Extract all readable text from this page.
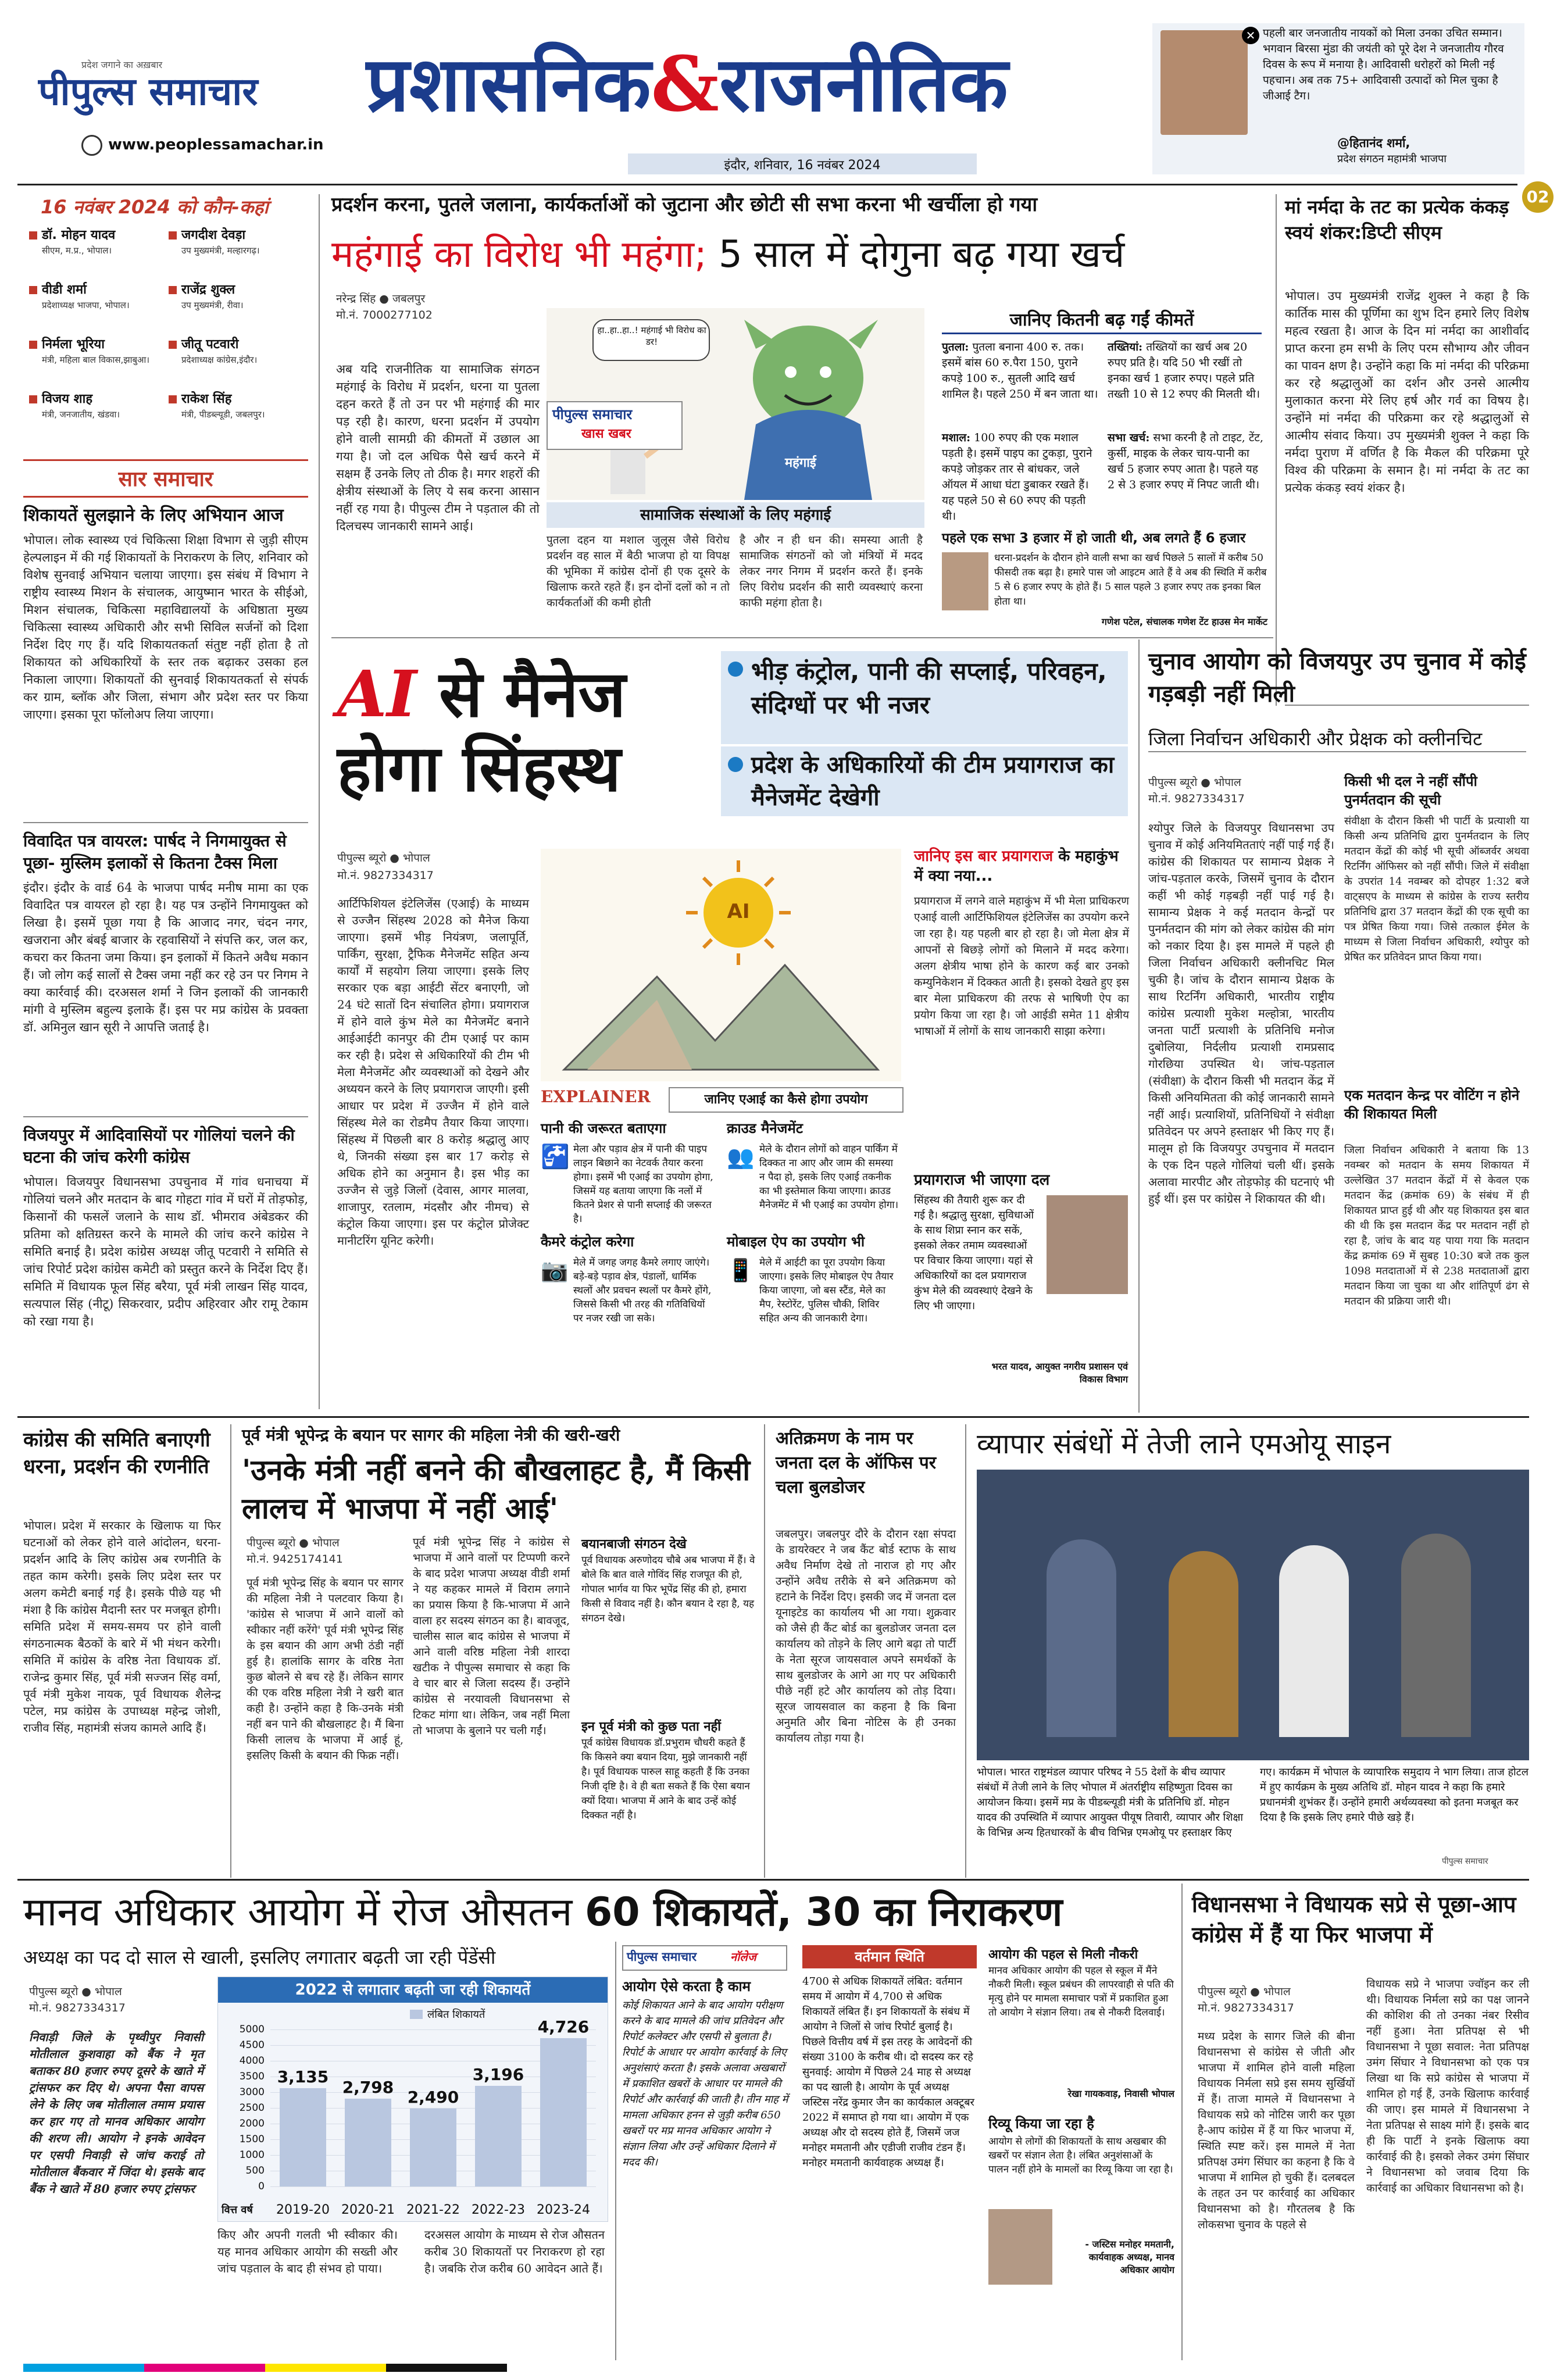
प्रदेश जगाने का अख़बार
पीपुल्स समाचार
www.peoplessamachar.in
प्रशासनिक&राजनीतिक
इंदौर, शनिवार, 16 नवंबर 2024
✕ पहली बार जनजातीय नायकों को मिला उनका उचित सम्मान। भगवान बिरसा मुंडा की जयंती को पूरे देश ने जनजातीय गौरव दिवस के रूप में मनाया है। आदिवासी धरोहरों को मिली नई पहचान। अब तक 75+ आदिवासी उत्पादों को मिल चुका है जीआई टैग।
@हितानंद शर्मा,
प्रदेश संगठन महामंत्री भाजपा
02
16 नवंबर 2024 को कौन-कहां
डॉ. मोहन यादव
सीएम, म.प्र., भोपाल।
जगदीश देवड़ा
उप मुख्यमंत्री, मल्हारगढ़।
वीडी शर्मा
प्रदेशाध्यक्ष भाजपा, भोपाल।
राजेंद्र शुक्ल
उप मुख्यमंत्री, रीवा।
निर्मला भूरिया
मंत्री, महिला बाल विकास,झाबुआ।
जीतू पटवारी
प्रदेशाध्यक्ष कांग्रेस,इंदौर।
विजय शाह
मंत्री, जनजातीय, खंडवा।
राकेश सिंह
मंत्री, पीडब्ल्यूडी, जबलपुर।
सार समाचार
शिकायतें सुलझाने के लिए अभियान आज
भोपाल। लोक स्वास्थ्य एवं चिकित्सा शिक्षा विभाग से जुड़ी सीएम हेल्पलाइन में की गई शिकायतों के निराकरण के लिए, शनिवार को विशेष सुनवाई अभियान चलाया जाएगा। इस संबंध में विभाग ने राष्ट्रीय स्वास्थ्य मिशन के संचालक, आयुष्मान भारत के सीईओ, मिशन संचालक, चिकित्सा महाविद्यालयों के अधिष्ठाता मुख्य चिकित्सा स्वास्थ्य अधिकारी और सभी सिविल सर्जनों को दिशा निर्देश दिए गए हैं। यदि शिकायतकर्ता संतुष्ट नहीं होता है तो शिकायत को अधिकारियों के स्तर तक बढ़ाकर उसका हल निकाला जाएगा। शिकायतों की सुनवाई शिकायतकर्ता से संपर्क कर ग्राम, ब्लॉक और जिला, संभाग और प्रदेश स्तर पर किया जाएगा। इसका पूरा फॉलोअप लिया जाएगा।
विवादित पत्र वायरल: पार्षद ने निगमायुक्त से पूछा- मुस्लिम इलाकों से कितना टैक्स मिला
इंदौर। इंदौर के वार्ड 64 के भाजपा पार्षद मनीष मामा का एक विवादित पत्र वायरल हो रहा है। यह पत्र उन्होंने निगमायुक्त को लिखा है। इसमें पूछा गया है कि आजाद नगर, चंदन नगर, खजराना और बंबई बाजार के रहवासियों ने संपत्ति कर, जल कर, कचरा कर कितना जमा किया। इन इलाकों में कितने अवैध मकान हैं। जो लोग कई सालों से टैक्स जमा नहीं कर रहे उन पर निगम ने क्या कार्रवाई की। दरअसल शर्मा ने जिन इलाकों की जानकारी मांगी वे मुस्लिम बहुल्य इलाके हैं। इस पर मप्र कांग्रेस के प्रवक्ता डॉ. अमिनुल खान सूरी ने आपत्ति जताई है।
विजयपुर में आदिवासियों पर गोलियां चलने की घटना की जांच करेगी कांग्रेस
भोपाल। विजयपुर विधानसभा उपचुनाव में गांव धनाचया में गोलियां चलने और मतदान के बाद गोहटा गांव में घरों में तोड़फोड़, किसानों की फसलें जलाने के साथ डॉ. भीमराव अंबेडकर की प्रतिमा को क्षतिग्रस्त करने के मामले की जांच करने कांग्रेस ने समिति बनाई है। प्रदेश कांग्रेस अध्यक्ष जीतू पटवारी ने समिति से जांच रिपोर्ट प्रदेश कांग्रेस कमेटी को प्रस्तुत करने के निर्देश दिए हैं। समिति में विधायक फूल सिंह बरैया, पूर्व मंत्री लाखन सिंह यादव, सत्यपाल सिंह (नीटू) सिकरवार, प्रदीप अहिरवार और रामू टेकाम को रखा गया है।
प्रदर्शन करना, पुतले जलाना, कार्यकर्ताओं को जुटाना और छोटी सी सभा करना भी खर्चीला हो गया
महंगाई का विरोध भी महंगा; 5 साल में दोगुना बढ़ गया खर्च
नरेन्द्र सिंह ● जबलपुर
मो.नं. 7000277102
अब यदि राजनीतिक या सामाजिक संगठन महंगाई के विरोध में प्रदर्शन, धरना या पुतला दहन करते हैं तो उन पर भी महंगाई की मार पड़ रही है। कारण, धरना प्रदर्शन में उपयोग होने वाली सामग्री की कीमतों में उछाल आ गया है। जो दल अधिक पैसे खर्च करने में सक्षम हैं उनके लिए तो ठीक है। मगर शहरों की क्षेत्रीय संस्थाओं के लिए ये सब करना आसान नहीं रह गया है। पीपुल्स टीम ने पड़ताल की तो दिलचस्प जानकारी सामने आई।
हा..हा..हा..! महंगाई भी विरोध का डर!
महंगाई
पीपुल्स समाचार
खास खबर
सामाजिक संस्थाओं के लिए महंगाई
पुतला दहन या मशाल जुलूस जैसे विरोध प्रदर्शन वह साल में बैठी भाजपा हो या विपक्ष की भूमिका में कांग्रेस दोनों ही एक दूसरे के खिलाफ करते रहते हैं। इन दोनों दलों को न तो कार्यकर्ताओं की कमी होती
है और न ही धन की। समस्या आती है सामाजिक संगठनों को जो मंत्रियों में मदद लेकर नगर निगम में प्रदर्शन करते हैं। इनके लिए विरोध प्रदर्शन की सारी व्यवस्थाएं करना काफी महंगा होता है।
जानिए कितनी बढ़ गईं कीमतें
पुतला: पुतला बनाना 400 रु. तक। इसमें बांस 60 रु.पैरा 150, पुराने कपड़े 100 रु., सुतली आदि खर्च शामिल है। पहले 250 में बन जाता था।
मशाल: 100 रुपए की एक मशाल पड़ती है। इसमें पाइप का टुकड़ा, पुराने कपड़े जोड़कर तार से बांधकर, जले ऑयल में आधा घंटा डुबाकर रखते हैं। यह पहले 50 से 60 रुपए की पड़ती थी।
तख्तियां: तख्तियों का खर्च अब 20 रुपए प्रति है। यदि 50 भी रखीं तो इनका खर्च 1 हजार रुपए। पहले प्रति तख्ती 10 से 12 रुपए की मिलती थी।
सभा खर्च: सभा करनी है तो टाइट, टेंट, कुर्सी, माइक के लेकर चाय-पानी का खर्च 5 हजार रुपए आता है। पहले यह 2 से 3 हजार रुपए में निपट जाती थी।
पहले एक सभा 3 हजार में हो जाती थी, अब लगते हैं 6 हजार
धरना-प्रदर्शन के दौरान होने वाली सभा का खर्च पिछले 5 सालों में करीब 50 फीसदी तक बढ़ा है। हमारे पास जो आइटम आते हैं वे अब की स्थिति में करीब 5 से 6 हजार रुपए के होते हैं। 5 साल पहले 3 हजार रुपए तक इनका बिल होता था।
गणेश पटेल, संचालक गणेश टेंट हाउस मेन मार्केट
मां नर्मदा के तट का प्रत्येक कंकड़ स्वयं शंकर:डिप्टी सीएम
भोपाल। उप मुख्यमंत्री राजेंद्र शुक्ल ने कहा है कि कार्तिक मास की पूर्णिमा का शुभ दिन हमारे लिए विशेष महत्व रखता है। आज के दिन मां नर्मदा का आशीर्वाद प्राप्त करना हम सभी के लिए परम सौभाग्य और जीवन का पावन क्षण है। उन्होंने कहा कि मां नर्मदा की परिक्रमा कर रहे श्रद्धालुओं का दर्शन और उनसे आत्मीय मुलाकात करना मेरे लिए हर्ष और गर्व का विषय है। उन्होंने मां नर्मदा की परिक्रमा कर रहे श्रद्धालुओं से आत्मीय संवाद किया। उप मुख्यमंत्री शुक्ल ने कहा कि नर्मदा पुराण में वर्णित है कि मैकल की परिक्रमा पूरे विश्व की परिक्रमा के समान है। मां नर्मदा के तट का प्रत्येक कंकड़ स्वयं शंकर है।
AI से मैनेज होगा सिंहस्थ
भीड़ कंट्रोल, पानी की सप्लाई, परिवहन, संदिग्धों पर भी नजर
प्रदेश के अधिकारियों की टीम प्रयागराज का मैनेजमेंट देखेगी
पीपुल्स ब्यूरो ● भोपाल
मो.नं. 9827334317
आर्टिफिशियल इंटेलिजेंस (एआई) के माध्यम से उज्जैन सिंहस्थ 2028 को मैनेज किया जाएगा। इसमें भीड़ नियंत्रण, जलापूर्ति, पार्किंग, सुरक्षा, ट्रैफिक मैनेजमेंट सहित अन्य कार्यों में सहयोग लिया जाएगा। इसके लिए सरकार एक बड़ा आईटी सेंटर बनाएगी, जो 24 घंटे सातों दिन संचालित होगा। प्रयागराज में होने वाले कुंभ मेले का मैनेजमेंट बनाने आईआईटी कानपुर की टीम एआई पर काम कर रही है। प्रदेश से अधिकारियों की टीम भी मेला मैनेजमेंट और व्यवस्थाओं को देखने और अध्ययन करने के लिए प्रयागराज जाएगी। इसी आधार पर प्रदेश में उज्जैन में होने वाले सिंहस्थ मेले का रोडमैप तैयार किया जाएगा। सिंहस्थ में पिछली बार 8 करोड़ श्रद्धालु आए थे, जिनकी संख्या इस बार 17 करोड़ से अधिक होने का अनुमान है। इस भीड़ का उज्जैन से जुड़े जिलों (देवास, आगर मालवा, शाजापुर, रतलाम, मंदसौर और नीमच) से कंट्रोल किया जाएगा। इस पर कंट्रोल प्रोजेक्ट मानीटरिंग यूनिट करेगी।
AI
EXPLAINER	जानिए एआई का कैसे होगा उपयोग
पानी की जरूरत बताएगा
🚰 मेला और पड़ाव क्षेत्र में पानी की पाइप लाइन बिछाने का नेटवर्क तैयार करना होगा। इसमें भी एआई का उपयोग होगा, जिसमें यह बताया जाएगा कि नलों में कितने प्रेशर से पानी सप्लाई की जरूरत है।
क्राउड मैनेजमेंट
👥 मेले के दौरान लोगों को वाहन पार्किंग में दिक्कत ना आए और जाम की समस्या न पैदा हो, इसके लिए एआई तकनीक का भी इस्तेमाल किया जाएगा। क्राउड मैनेजमेंट में भी एआई का उपयोग होगा।
कैमरे कंट्रोल करेगा
📷 मेले में जगह जगह कैमरे लगाए जाएंगे। बड़े-बड़े पड़ाव क्षेत्र, पंडालों, धार्मिक स्थलों और प्रवचन स्थलों पर कैमरे होंगे, जिससे किसी भी तरह की गतिविधियों पर नजर रखी जा सके।
मोबाइल ऐप का उपयोग भी
📱 मेले में आईटी का पूरा उपयोग किया जाएगा। इसके लिए मोबाइल ऐप तैयार किया जाएगा, जो बस स्टैंड, मेले का मैप, रेस्टोरेंट, पुलिस चौकी, शिविर सहित अन्य की जानकारी देगा।
जानिए इस बार प्रयागराज के महाकुंभ में क्या नया...
प्रयागराज में लगने वाले महाकुंभ में भी मेला प्राधिकरण एआई वाली आर्टिफिशियल इंटेलिजेंस का उपयोग करने जा रहा है। यह पहली बार हो रहा है। जो मेला क्षेत्र में आपनों से बिछड़े लोगों को मिलाने में मदद करेगा। अलग क्षेत्रीय भाषा होने के कारण कई बार उनको कम्युनिकेशन में दिक्कत आती है। इसको देखते हुए इस बार मेला प्राधिकरण की तरफ से भाषिणी ऐप का प्रयोग किया जा रहा है। जो आईडी समेत 11 क्षेत्रीय भाषाओं में लोगों के साथ जानकारी साझा करेगा।
प्रयागराज भी जाएगा दल
सिंहस्थ की तैयारी शुरू कर दी गई है। श्रद्धालु सुरक्षा, सुविधाओं के साथ शिप्रा स्नान कर सकें, इसको लेकर तमाम व्यवस्थाओं पर विचार किया जाएगा। यहां से अधिकारियों का दल प्रयागराज कुंभ मेले की व्यवस्थाएं देखने के लिए भी जाएगा।
भरत यादव, आयुक्त नगरीय प्रशासन एवं विकास विभाग
चुनाव आयोग को विजयपुर उप चुनाव में कोई गड़बड़ी नहीं मिली
जिला निर्वाचन अधिकारी और प्रेक्षक को क्लीनचिट
पीपुल्स ब्यूरो ● भोपाल
मो.नं. 9827334317
श्योपुर जिले के विजयपुर विधानसभा उप चुनाव में कोई अनियमितताएं नहीं पाई गई हैं। कांग्रेस की शिकायत पर सामान्य प्रेक्षक ने जांच-पड़ताल करके, जिसमें चुनाव के दौरान कहीं भी कोई गड़बड़ी नहीं पाई गई है। सामान्य प्रेक्षक ने कई मतदान केन्द्रों पर पुनर्मतदान की मांग को लेकर कांग्रेस की मांग को नकार दिया है। इस मामले में पहले ही जिला निर्वाचन अधिकारी क्लीनचिट मिल चुकी है। जांच के दौरान सामान्य प्रेक्षक के साथ रिटर्निंग अधिकारी, भारतीय राष्ट्रीय कांग्रेस प्रत्याशी मुकेश मल्होत्रा, भारतीय जनता पार्टी प्रत्याशी के प्रतिनिधि मनोज दुबोलिया, निर्दलीय प्रत्याशी रामप्रसाद गोरछिया उपस्थित थे। जांच-पड़ताल (संवीक्षा) के दौरान किसी भी मतदान केंद्र में किसी अनियमितता की कोई जानकारी सामने नहीं आई। प्रत्याशियों, प्रतिनिधियों ने संवीक्षा प्रतिवेदन पर अपने हस्ताक्षर भी किए गए हैं। मालूम हो कि विजयपुर उपचुनाव में मतदान के एक दिन पहले गोलियां चली थीं। इसके अलावा मारपीट और तोड़फोड़ की घटनाएं भी हुई थीं। इस पर कांग्रेस ने शिकायत की थी।
किसी भी दल ने नहीं सौंपी पुनर्मतदान की सूची
संवीक्षा के दौरान किसी भी पार्टी के प्रत्याशी या किसी अन्य प्रतिनिधि द्वारा पुनर्मतदान के लिए मतदान केंद्रों की कोई भी सूची ऑब्जर्वर अथवा रिटर्निंग ऑफिसर को नहीं सौंपी। जिले में संवीक्षा के उपरांत 14 नवम्बर को दोपहर 1:32 बजे वाट्सएप के माध्यम से कांग्रेस के राज्य स्तरीय प्रतिनिधि द्वारा 37 मतदान केंद्रों की एक सूची का पत्र प्रेषित किया गया। जिसे तत्काल ईमेल के माध्यम से जिला निर्वाचन अधिकारी, श्योपुर को प्रेषित कर प्रतिवेदन प्राप्त किया गया।
एक मतदान केन्द्र पर वोटिंग न होने की शिकायत मिली
जिला निर्वाचन अधिकारी ने बताया कि 13 नवम्बर को मतदान के समय शिकायत में उल्लेखित 37 मतदान केंद्रों में से केवल एक मतदान केंद्र (क्रमांक 69) के संबंध में ही शिकायत प्राप्त हुई थी और यह शिकायत इस बात की थी कि इस मतदान केंद्र पर मतदान नहीं हो रहा है, जांच के बाद यह पाया गया कि मतदान केंद्र क्रमांक 69 में सुबह 10:30 बजे तक कुल 1098 मतदाताओं में से 238 मतदाताओं द्वारा मतदान किया जा चुका था और शांतिपूर्ण ढंग से मतदान की प्रक्रिया जारी थी।
कांग्रेस की समिति बनाएगी धरना, प्रदर्शन की रणनीति
भोपाल। प्रदेश में सरकार के खिलाफ या फिर घटनाओं को लेकर होने वाले आंदोलन, धरना-प्रदर्शन आदि के लिए कांग्रेस अब रणनीति के तहत काम करेगी। इसके लिए प्रदेश स्तर पर अलग कमेटी बनाई गई है। इसके पीछे यह भी मंशा है कि कांग्रेस मैदानी स्तर पर मजबूत होगी। समिति प्रदेश में समय-समय पर होने वाली संगठनात्मक बैठकों के बारे में भी मंथन करेगी। समिति में कांग्रेस के वरिष्ठ नेता विधायक डॉ. राजेन्द्र कुमार सिंह, पूर्व मंत्री सज्जन सिंह वर्मा, पूर्व मंत्री मुकेश नायक, पूर्व विधायक शैलेन्द्र पटेल, मप्र कांग्रेस के उपाध्यक्ष महेन्द्र जोशी, राजीव सिंह, महामंत्री संजय कामले आदि हैं।
पूर्व मंत्री भूपेन्द्र के बयान पर सागर की महिला नेत्री की खरी-खरी
'उनके मंत्री नहीं बनने की बौखलाहट है, मैं किसी लालच में भाजपा में नहीं आई'
पीपुल्स ब्यूरो ● भोपाल
मो.नं. 9425174141
पूर्व मंत्री भूपेन्द्र सिंह के बयान पर सागर की महिला नेत्री ने पलटवार किया है। 'कांग्रेस से भाजपा में आने वालों को स्वीकार नहीं करेंगे' पूर्व मंत्री भूपेन्द्र सिंह के इस बयान की आग अभी ठंडी नहीं हुई है। हालांकि सागर के वरिष्ठ नेता कुछ बोलने से बच रहे हैं। लेकिन सागर की एक वरिष्ठ महिला नेत्री ने खरी बात कही है। उन्होंने कहा है कि-उनके मंत्री नहीं बन पाने की बौखलाहट है। मैं बिना किसी लालच के भाजपा में आई हूं, इसलिए किसी के बयान की फिक्र नहीं।
पूर्व मंत्री भूपेन्द्र सिंह ने कांग्रेस से भाजपा में आने वालों पर टिप्पणी करने के बाद प्रदेश भाजपा अध्यक्ष वीडी शर्मा ने यह कहकर मामले में विराम लगाने का प्रयास किया है कि-भाजपा में आने वाला हर सदस्य संगठन का है। बावजूद, चालीस साल बाद कांग्रेस से भाजपा में आने वाली वरिष्ठ महिला नेत्री शारदा खटीक ने पीपुल्स समाचार से कहा कि वे चार बार से जिला सदस्य हैं। उन्होंने कांग्रेस से नरयावली विधानसभा से टिकट मांगा था। लेकिन, जब नहीं मिला तो भाजपा के बुलाने पर चली गईं।
बयानबाजी संगठन देखे
पूर्व विधायक अरुणोदय चौबे अब भाजपा में हैं। वे बोले कि बात वाले गोविंद सिंह राजपूत की हो, गोपाल भार्गव या फिर भूपेंद्र सिंह की हो, हमारा किसी से विवाद नहीं है। कौन बयान दे रहा है, यह संगठन देखे।
इन पूर्व मंत्री को कुछ पता नहीं
पूर्व कांग्रेस विधायक डॉ.प्रभुराम चौधरी कहते हैं कि किसने क्या बयान दिया, मुझे जानकारी नहीं है। पूर्व विधायक पारुल साहू कहती हैं कि उनका निजी दृष्टि है। वे ही बता सकते हैं कि ऐसा बयान क्यों दिया। भाजपा में आने के बाद उन्हें कोई दिक्कत नहीं है।
अतिक्रमण के नाम पर जनता दल के ऑफिस पर चला बुलडोजर
जबलपुर। जबलपुर दौरे के दौरान रक्षा संपदा के डायरेक्टर ने जब कैंट बोर्ड स्टाफ के साथ अवैध निर्माण देखे तो नाराज हो गए और उन्होंने अवैध तरीके से बने अतिक्रमण को हटाने के निर्देश दिए। इसकी जद में जनता दल यूनाइटेड का कार्यालय भी आ गया। शुक्रवार को जैसे ही कैंट बोर्ड का बुलडोजर जनता दल कार्यालय को तोड़ने के लिए आगे बढ़ा तो पार्टी के नेता सूरज जायसवाल अपने समर्थकों के साथ बुलडोजर के आगे आ गए पर अधिकारी पीछे नहीं हटे और कार्यालय को तोड़ दिया। सूरज जायसवाल का कहना है कि बिना अनुमति और बिना नोटिस के ही उनका कार्यालय तोड़ा गया है।
व्यापार संबंधों में तेजी लाने एमओयू साइन
भोपाल। भारत राष्ट्रमंडल व्यापार परिषद ने 55 देशों के बीच व्यापार संबंधों में तेजी लाने के लिए भोपाल में अंतर्राष्ट्रीय सहिष्णुता दिवस का आयोजन किया। इसमें मप्र के पीडब्ल्यूडी मंत्री के प्रतिनिधि डॉ. मोहन यादव की उपस्थिति में व्यापार आयुक्त पीयूष तिवारी, व्यापार और शिक्षा के विभिन्न अन्य हितधारकों के बीच विभिन्न एमओयू पर हस्ताक्षर किए गए। कार्यक्रम में भोपाल के व्यापारिक समुदाय ने भाग लिया। ताज होटल में हुए कार्यक्रम के मुख्य अतिथि डॉ. मोहन यादव ने कहा कि हमारे प्रधानमंत्री शुभंकर हैं। उन्होंने हमारी अर्थव्यवस्था को इतना मजबूत कर दिया है कि इसके लिए हमारे पीछे खड़े हैं।
पीपुल्स समाचार
मानव अधिकार आयोग में रोज औसतन 60 शिकायतें, 30 का निराकरण
अध्यक्ष का पद दो साल से खाली, इसलिए लगातार बढ़ती जा रही पेंडेंसी
पीपुल्स ब्यूरो ● भोपाल
मो.नं. 9827334317
निवाड़ी जिले के पृथ्वीपुर निवासी मोतीलाल कुशवाहा को बैंक ने मृत बताकर 80 हजार रुपए दूसरे के खाते में ट्रांसफर कर दिए थे। अपना पैसा वापस लेने के लिए जब मोतीलाल तमाम प्रयास कर हार गए तो मानव अधिकार आयोग की शरण ली। आयोग ने इनके आवेदन पर एसपी निवाड़ी से जांच कराई तो मोतीलाल बैंकवार में जिंदा थे। इसके बाद बैंक ने खाते में 80 हजार रुपए ट्रांसफर
2022 से लगातार बढ़ती जा रही शिकायतें
लंबित शिकायतें
5000
4500
4000
3500
3000
2500
2000
1500
1000
500
0
3,135
2019-20
2,798
2020-21
2,490
2021-22
3,196
2022-23
4,726
2023-24
वित्त वर्ष
किए और अपनी गलती भी स्वीकार की। यह मानव अधिकार आयोग की सख्ती और जांच पड़ताल के बाद ही संभव हो पाया।
दरअसल आयोग के माध्यम से रोज औसतन करीब 30 शिकायतों पर निराकरण हो रहा है। जबकि रोज करीब 60 आवेदन आते हैं।
पीपुल्स समाचार	नॉलेज
आयोग ऐसे करता है काम
कोई शिकायत आने के बाद आयोग परीक्षण करने के बाद मामले की जांच प्रतिवेदन और रिपोर्ट कलेक्टर और एसपी से बुलाता है। रिपोर्ट के आधार पर आयोग कार्रवाई के लिए अनुशंसाएं करता है। इसके अलावा अखबारों में प्रकाशित खबरों के आधार पर मामले की रिपोर्ट और कार्रवाई की जाती है। तीन माह में मामला अधिकार हनन से जुड़ी करीब 650 खबरों पर मप्र मानव अधिकार आयोग ने संज्ञान लिया और उन्हें अधिकार दिलाने में मदद की।
वर्तमान स्थिति
4700 से अधिक शिकायतें लंबित: वर्तमान समय में आयोग में 4,700 से अधिक शिकायतें लंबित हैं। इन शिकायतों के संबंध में आयोग ने जिलों से जांच रिपोर्ट बुलाई है। पिछले वित्तीय वर्ष में इस तरह के आवेदनों की संख्या 3100 के करीब थी। दो सदस्य कर रहे सुनवाई: आयोग में पिछले 24 माह से अध्यक्ष का पद खाली है। आयोग के पूर्व अध्यक्ष जस्टिस नरेंद्र कुमार जैन का कार्यकाल अक्टूबर 2022 में समाप्त हो गया था। आयोग में एक अध्यक्ष और दो सदस्य होते हैं, जिसमें जज मनोहर ममतानी और एडीजी राजीव टंडन हैं। मनोहर ममतानी कार्यवाहक अध्यक्ष हैं।
आयोग की पहल से मिली नौकरी
मानव अधिकार आयोग की पहल से स्कूल में मैंने नौकरी मिली। स्कूल प्रबंधन की लापरवाही से पति की मृत्यु होने पर मामला समाचार पत्रों में प्रकाशित हुआ तो आयोग ने संज्ञान लिया। तब से नौकरी दिलवाई।
रेखा गायकवाड़, निवासी भोपाल
रिव्यू किया जा रहा है
आयोग से लोगों की शिकायतों के साथ अखबार की खबरों पर संज्ञान लेता है। लंबित अनुशंसाओं के पालन नहीं होने के मामलों का रिव्यू किया जा रहा है।
- जस्टिस मनोहर ममतानी, कार्यवाहक अध्यक्ष, मानव अधिकार आयोग
विधानसभा ने विधायक सप्रे से पूछा-आप कांग्रेस में हैं या फिर भाजपा में
पीपुल्स ब्यूरो ● भोपाल
मो.नं. 9827334317
मध्य प्रदेश के सागर जिले की बीना विधानसभा से कांग्रेस से जीती और भाजपा में शामिल होने वाली महिला विधायक निर्मला सप्रे इस समय सुर्खियों में हैं। ताजा मामले में विधानसभा ने विधायक सप्रे को नोटिस जारी कर पूछा है-आप कांग्रेस में हैं या फिर भाजपा में, स्थिति स्पष्ट करें। इस मामले में नेता प्रतिपक्ष उमंग सिंघार का कहना है कि वे भाजपा में शामिल हो चुकी हैं। दलबदल के तहत उन पर कार्रवाई का अधिकार विधानसभा को है। गौरतलब है कि लोकसभा चुनाव के पहले से
विधायक सप्रे ने भाजपा ज्वॉइन कर ली थी। विधायक निर्मला सप्रे का पक्ष जानने की कोशिश की तो उनका नंबर रिसीव नहीं हुआ। नेता प्रतिपक्ष से भी विधानसभा ने पूछा सवाल: नेता प्रतिपक्ष उमंग सिंघार ने विधानसभा को एक पत्र लिखा था कि सप्रे कांग्रेस से भाजपा में शामिल हो गई हैं, उनके खिलाफ कार्रवाई की जाए। इस मामले में विधानसभा ने नेता प्रतिपक्ष से साक्ष्य मांगे हैं। इसके बाद ही कि पार्टी ने इनके खिलाफ क्या कार्रवाई की है। इसको लेकर उमंग सिंघार ने विधानसभा को जवाब दिया कि कार्रवाई का अधिकार विधानसभा को है।
